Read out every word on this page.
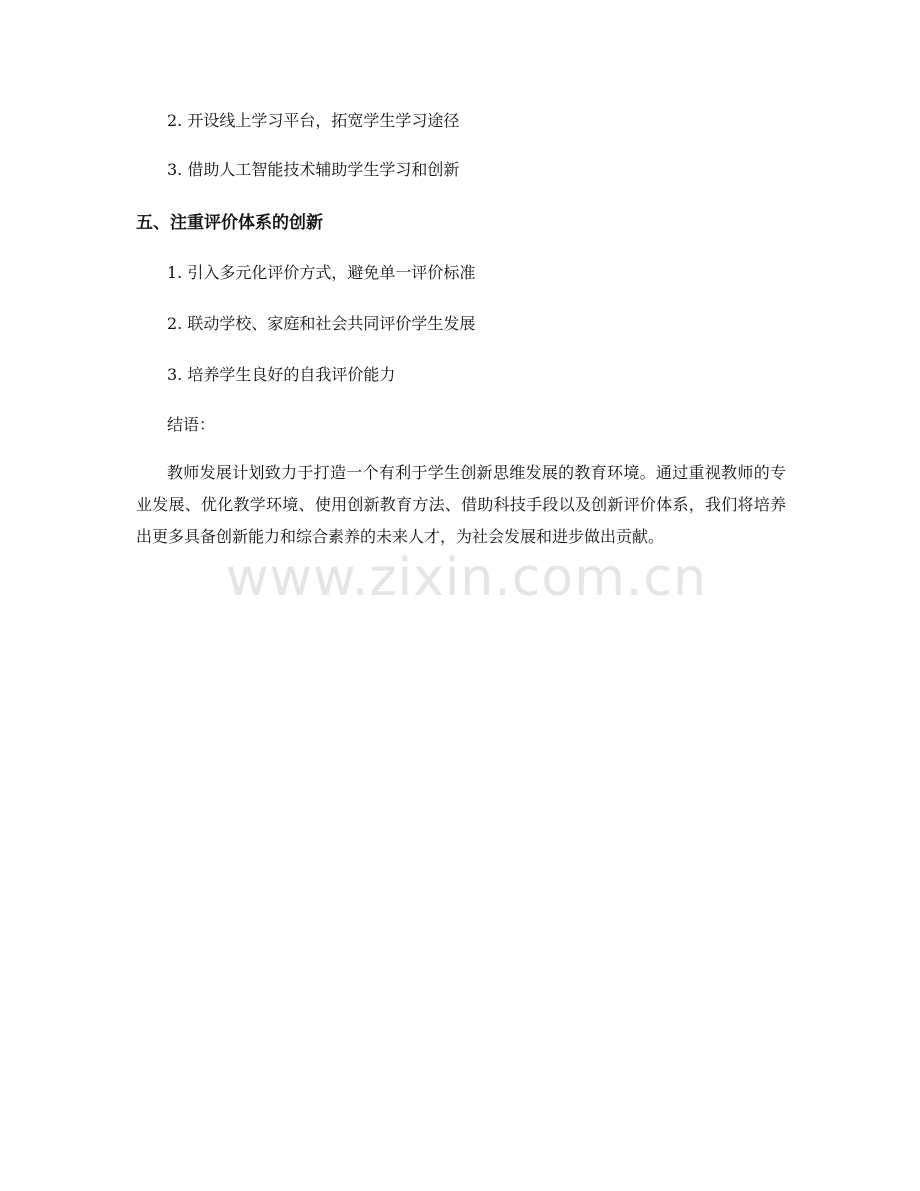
2. 开设线上学习平台，拓宽学生学习途径
3. 借助人工智能技术辅助学生学习和创新
五、注重评价体系的创新
1. 引入多元化评价方式，避免单一评价标准
2. 联动学校、家庭和社会共同评价学生发展
3. 培养学生良好的自我评价能力
结语：
教师发展计划致力于打造一个有利于学生创新思维发展的教育环境。通过重视教师的专业发展、优化教学环境、使用创新教育方法、借助科技手段以及创新评价体系，我们将培养出更多具备创新能力和综合素养的未来人才，为社会发展和进步做出贡献。
www.zixin.com.cn
